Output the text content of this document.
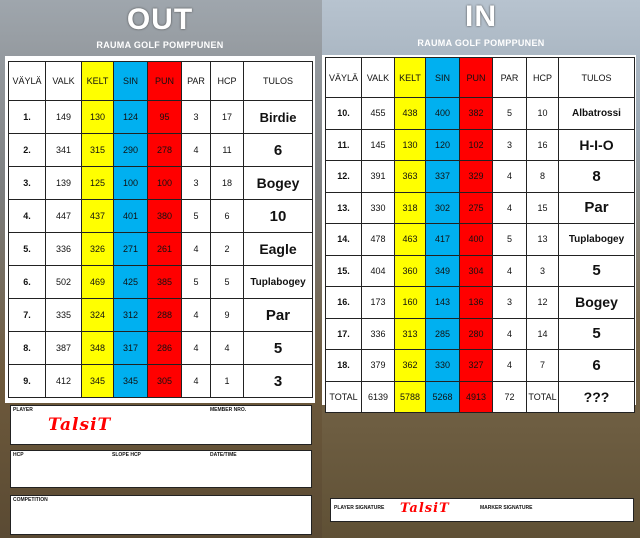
OUT
RAUMA GOLF POMPPUNEN
VÄYLÄ	VALK	KELT	SIN	PUN	PAR	HCP	TULOS
1.	149	130	124	95	3	17	Birdie
2.	341	315	290	278	4	11	6
3.	139	125	100	100	3	18	Bogey
4.	447	437	401	380	5	6	10
5.	336	326	271	261	4	2	Eagle
6.	502	469	425	385	5	5	Tuplabogey
7.	335	324	312	288	4	9	Par
8.	387	348	317	286	4	4	5
9.	412	345	345	305	4	1	3
PLAYER	MEMBER NRO.
TalsiT
HCP	SLOPE HCP	DATE/TIME
COMPETITION
IN
RAUMA GOLF POMPPUNEN
VÄYLÄ	VALK	KELT	SIN	PUN	PAR	HCP	TULOS
10.	455	438	400	382	5	10	Albatrossi
11.	145	130	120	102	3	16	H-I-O
12.	391	363	337	329	4	8	8
13.	330	318	302	275	4	15	Par
14.	478	463	417	400	5	13	Tuplabogey
15.	404	360	349	304	4	3	5
16.	173	160	143	136	3	12	Bogey
17.	336	313	285	280	4	14	5
18.	379	362	330	327	4	7	6
TOTAL	6139	5788	5268	4913	72	TOTAL	???
PLAYER SIGNATURE	MARKER SIGNATURE
TalsiT
